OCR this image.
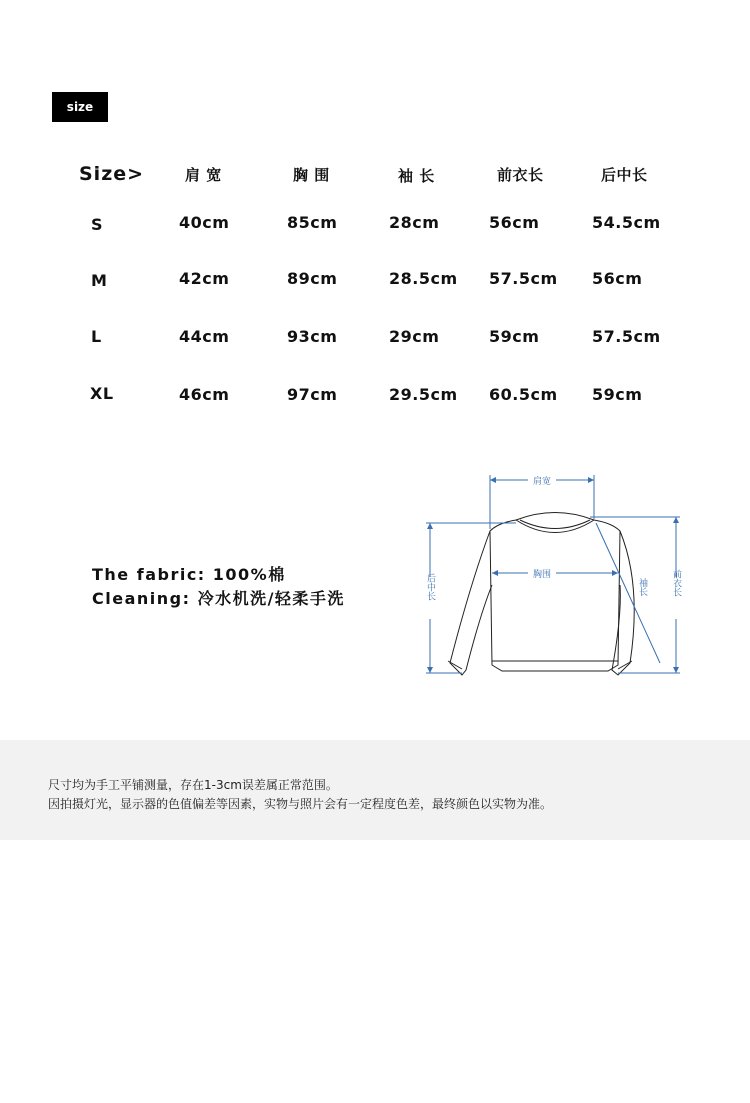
size
Size>	肩 宽	胸 围	袖 长	前衣长	后中长
S	40cm	85cm	28cm	56cm	54.5cm
M	42cm	89cm	28.5cm 57.5cm 56cm
L	44cm	93cm	29cm	59cm	57.5cm
XL	46cm	97cm	29.5cm 60.5cm 59cm
The fabric: 100%棉
Cleaning: 冷水机洗/轻柔手洗
肩宽
胸围
后中长	袖长	前衣长
尺寸均为手工平铺测量，存在1-3cm误差属正常范围。
因拍摄灯光，显示器的色值偏差等因素，实物与照片会有一定程度色差，最终颜色以实物为准。
